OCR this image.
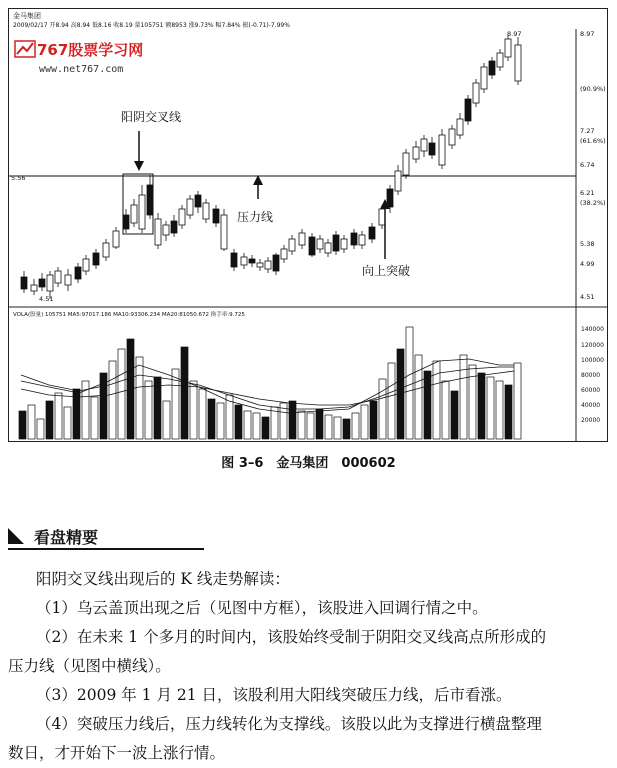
金马集团
2009/02/17 开8.94 高8.94 低8.16 收8.19 量105751 额8953 涨9.73% 幅7.84% 振(-0.71)-7.99%
767股票学习网
www.net767.com
8.97
(90.9%)
7.27
(61.6%)
6.74
6.21
(38.2%)
5.38
4.99
4.51
5.56
阳阴交叉线
压力线
向上突破
4.51
8.97
VOLA(股量) 105751 MA5:97017.186 MA10:93306.234 MA20:81050.672 换手率:9.725
140000
120000
100000
80000
60000
40000
20000
图 3–6　金马集团　000602
看盘精要
阳阴交叉线出现后的 K 线走势解读：
（1）乌云盖顶出现之后（见图中方框），该股进入回调行情之中。
（2）在未来 1 个多月的时间内，该股始终受制于阴阳交叉线高点所形成的
压力线（见图中横线）。
（3）2009 年 1 月 21 日，该股利用大阳线突破压力线，后市看涨。
（4）突破压力线后，压力线转化为支撑线。该股以此为支撑进行横盘整理
数日，才开始下一波上涨行情。
